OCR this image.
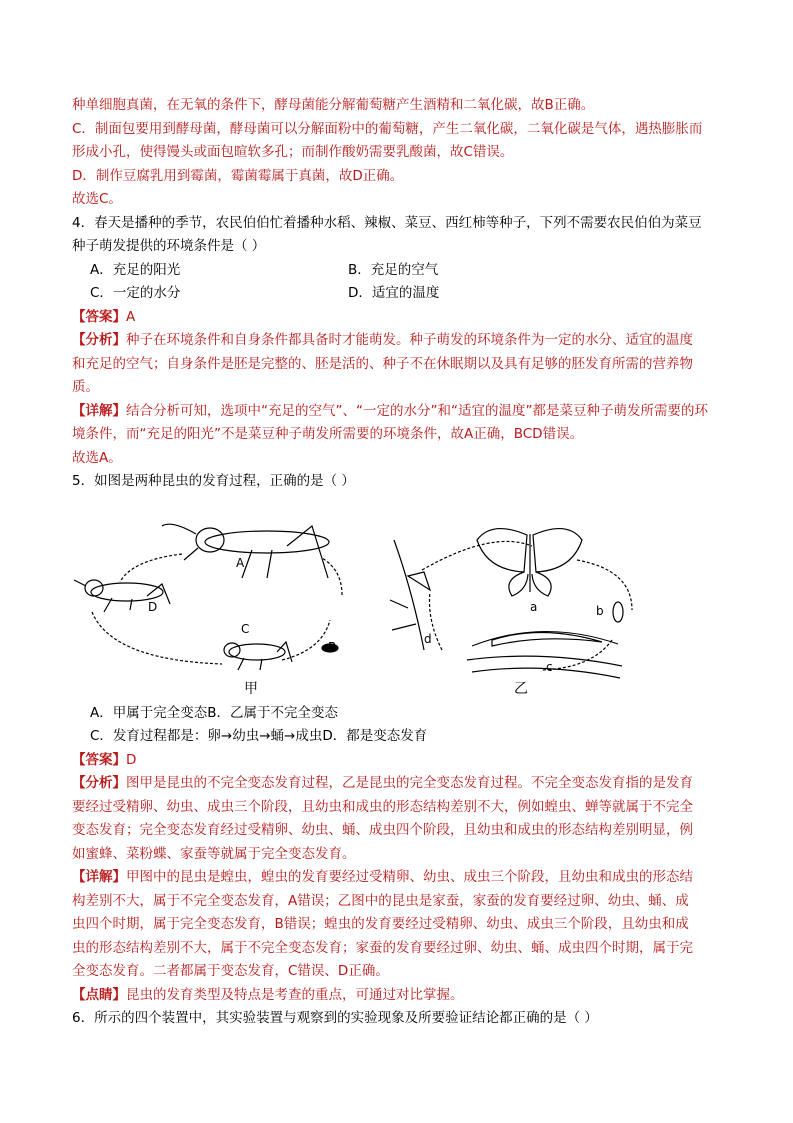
种单细胞真菌，在无氧的条件下，酵母菌能分解葡萄糖产生酒精和二氧化碳，故B正确。
C．制面包要用到酵母菌，酵母菌可以分解面粉中的葡萄糖，产生二氧化碳，二氧化碳是气体，遇热膨胀而
形成小孔，使得馒头或面包暄软多孔；而制作酸奶需要乳酸菌，故C错误。
D．制作豆腐乳用到霉菌，霉菌霉属于真菌，故D正确。
故选C。
4．春天是播种的季节，农民伯伯忙着播种水稻、辣椒、菜豆、西红柿等种子，下列不需要农民伯伯为菜豆
种子萌发提供的环境条件是（ ）
A．充足的阳光	B．充足的空气
C．一定的水分	D．适宜的温度
【答案】A
【分析】种子在环境条件和自身条件都具备时才能萌发。种子萌发的环境条件为一定的水分、适宜的温度
和充足的空气；自身条件是胚是完整的、胚是活的、种子不在休眠期以及具有足够的胚发育所需的营养物
质。
【详解】结合分析可知，选项中“充足的空气”、“一定的水分”和“适宜的温度”都是菜豆种子萌发所需要的环
境条件，而“充足的阳光”不是菜豆种子萌发所需要的环境条件，故A正确，BCD错误。
故选A。
5．如图是两种昆虫的发育过程，正确的是（ ）
A
B
C
D	a	b
c
d
甲	乙
A．甲属于完全变态B．乙属于不完全变态
C．发育过程都是：卵→幼虫→蛹→成虫D．都是变态发育
【答案】D
【分析】图甲是昆虫的不完全变态发育过程，乙是昆虫的完全变态发育过程。不完全变态发育指的是发育
要经过受精卵、幼虫、成虫三个阶段，且幼虫和成虫的形态结构差别不大，例如蝗虫、蝉等就属于不完全
变态发育；完全变态发育经过受精卵、幼虫、蛹、成虫四个阶段，且幼虫和成虫的形态结构差别明显，例
如蜜蜂、菜粉蝶、家蚕等就属于完全变态发育。
【详解】甲图中的昆虫是蝗虫，蝗虫的发育要经过受精卵、幼虫、成虫三个阶段，且幼虫和成虫的形态结
构差别不大，属于不完全变态发育，A错误；乙图中的昆虫是家蚕，家蚕的发育要经过卵、幼虫、蛹、成
虫四个时期，属于完全变态发育，B错误；蝗虫的发育要经过受精卵、幼虫、成虫三个阶段，且幼虫和成
虫的形态结构差别不大，属于不完全变态发育；家蚕的发育要经过卵、幼虫、蛹、成虫四个时期，属于完
全变态发育。二者都属于变态发育，C错误、D正确。
【点睛】昆虫的发育类型及特点是考查的重点，可通过对比掌握。
6．所示的四个装置中，其实验装置与观察到的实验现象及所要验证结论都正确的是（ ）
